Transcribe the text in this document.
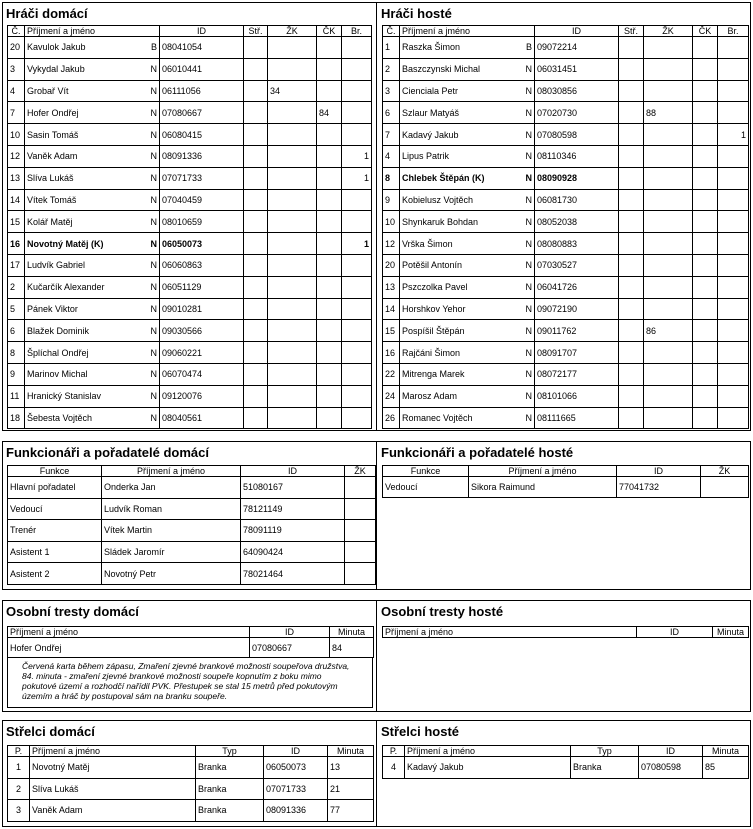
Hráči domácí
Č.	Příjmení a jméno	ID	Stř.	ŽK	ČK	Br.
20	Kavulok Jakub B	08041054				
3	Vykydal Jakub N	06010441				
4	Grobař Vít N	06111056		34		
7	Hofer Ondřej N	07080667			84	
10	Sasin Tomáš N	06080415				
12	Vaněk Adam N	08091336				1
13	Slíva Lukáš N	07071733				1
14	Vítek Tomáš N	07040459				
15	Kolář Matěj N	08010659				
16	Novotný Matěj (K) N	06050073				1
17	Ludvík Gabriel N	06060863				
2	Kučarčík Alexander N	06051129				
5	Pánek Viktor N	09010281				
6	Blažek Dominik N	09030566				
8	Šplíchal Ondřej N	09060221				
9	Marinov Michal N	06070474				
11	Hranický Stanislav N	09120076				
18	Šebesta Vojtěch N	08040561				
Hráči hosté
Č.	Příjmení a jméno	ID	Stř.	ŽK	ČK	Br.
1	Raszka Šimon B	09072214				
2	Baszczynski Michal N	06031451				
3	Cienciala Petr N	08030856				
6	Szlaur Matyáš N	07020730		88		
7	Kadavý Jakub N	07080598				1
4	Lipus Patrik N	08110346				
8	Chlebek Štěpán (K) N	08090928				
9	Kobielusz Vojtěch N	06081730				
10	Shynkaruk Bohdan N	08052038				
12	Vrška Šimon N	08080883				
20	Potěšil Antonín N	07030527				
13	Pszczolka Pavel N	06041726				
14	Horshkov Yehor N	09072190				
15	Pospíšil Štěpán N	09011762		86		
16	Rajčáni Šimon N	08091707				
22	Mitrenga Marek N	08072177				
24	Marosz Adam N	08101066				
26	Romanec Vojtěch N	08111665				
Funkcionáři a pořadatelé domácí
Funkce	Příjmení a jméno	ID	ŽK
Hlavní pořadatel	Onderka Jan	51080167	
Vedoucí	Ludvík Roman	78121149	
Trenér	Vítek Martin	78091119	
Asistent 1	Sládek Jaromír	64090424	
Asistent 2	Novotný Petr	78021464	
Funkcionáři a pořadatelé hosté
Funkce	Příjmení a jméno	ID	ŽK
Vedoucí	Sikora Raimund	77041732	
Osobní tresty domácí
Příjmení a jméno	ID	Minuta
Hofer Ondřej	07080667	84
Červená karta během zápasu, Zmaření zjevné brankové možnosti soupeřova družstva, 84. minuta - zmaření zjevné brankové možnosti soupeře kopnutím z boku mimo pokutové území a rozhodčí nařídil PVK. Přestupek se stal 15 metrů před pokutovým územím a hráč by postupoval sám na branku soupeře.
Osobní tresty hosté
Příjmení a jméno	ID	Minuta
Střelci domácí
P.	Příjmení a jméno	Typ	ID	Minuta
1	Novotný Matěj	Branka	06050073	13
2	Slíva Lukáš	Branka	07071733	21
3	Vaněk Adam	Branka	08091336	77
Střelci hosté
P.	Příjmení a jméno	Typ	ID	Minuta
4	Kadavý Jakub	Branka	07080598	85
